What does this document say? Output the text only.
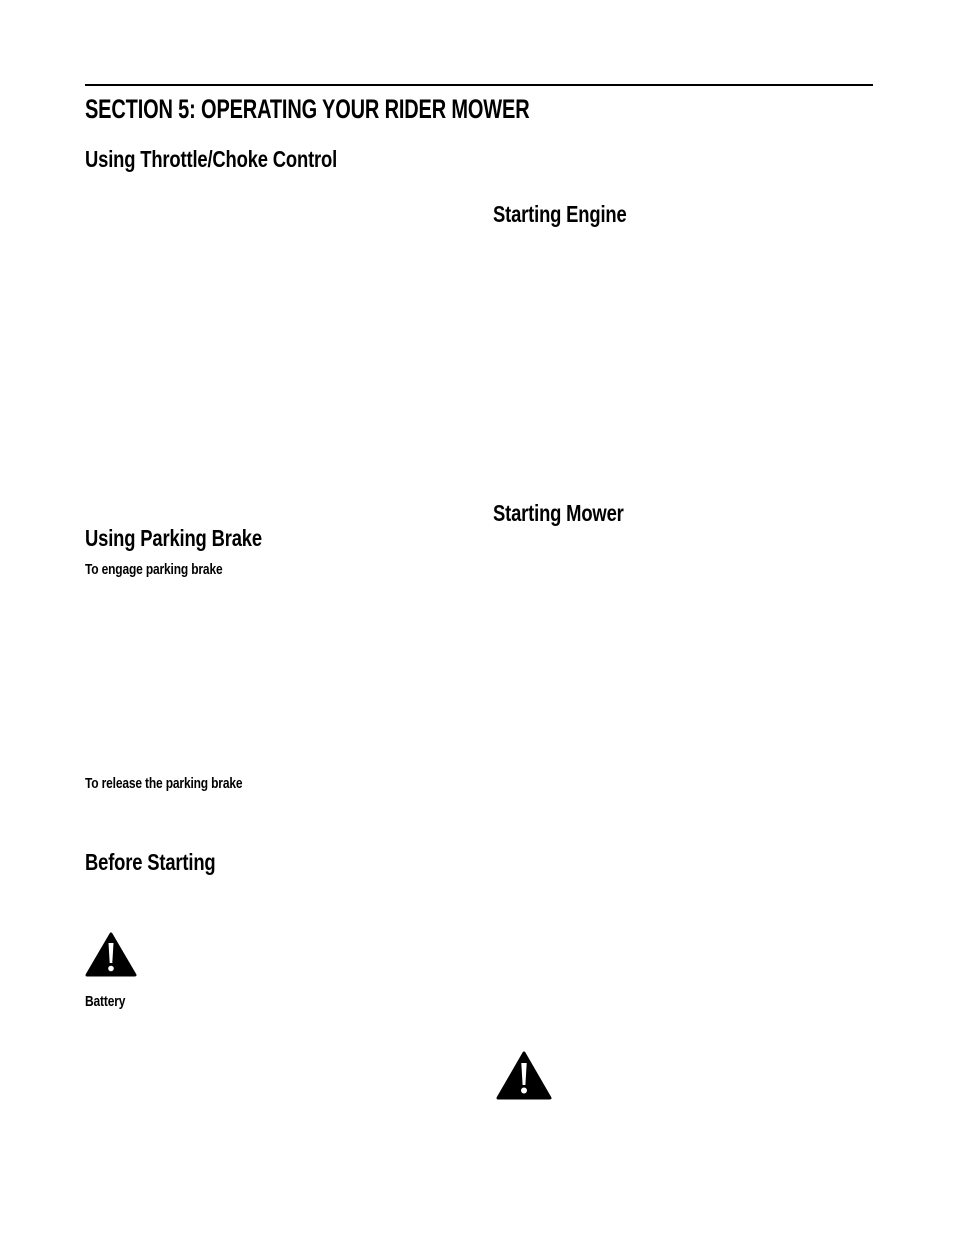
SECTION 5: OPERATING YOUR RIDER MOWER
Using Throttle/Choke Control
Starting Engine
Starting Mower
Using Parking Brake
To engage parking brake
To release the parking brake
Before Starting
Battery
